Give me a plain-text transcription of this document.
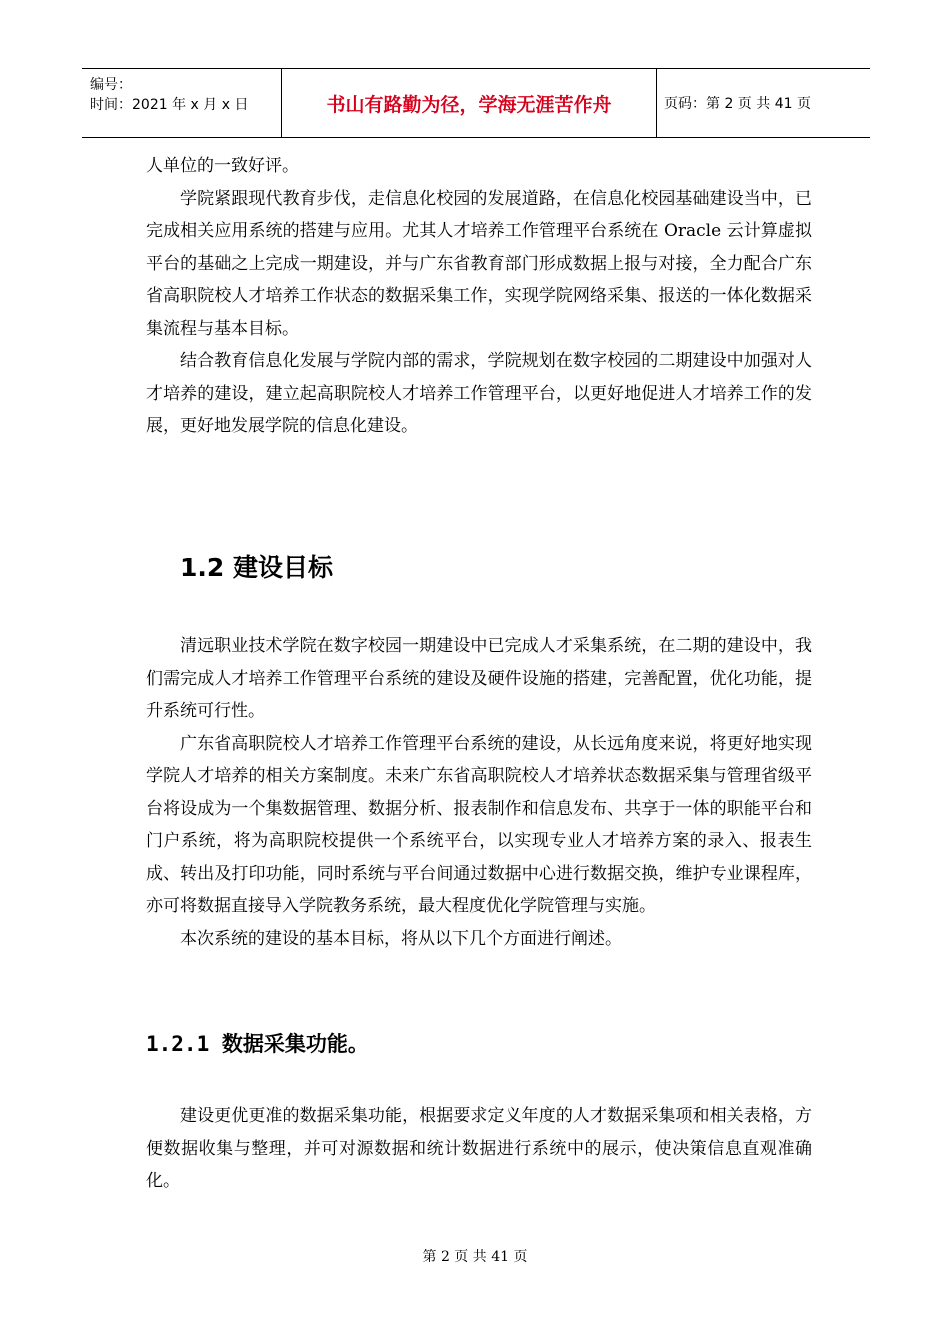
编号：
时间：2021 年 x 月 x 日	书山有路勤为径，学海无涯苦作舟	页码：第 2 页 共 41 页

人单位的一致好评。

学院紧跟现代教育步伐，走信息化校园的发展道路，在信息化校园基础建设当中，已完成相关应用系统的搭建与应用。尤其人才培养工作管理平台系统在 Oracle 云计算虚拟平台的基础之上完成一期建设，并与广东省教育部门形成数据上报与对接，全力配合广东省高职院校人才培养工作状态的数据采集工作，实现学院网络采集、报送的一体化数据采集流程与基本目标。

结合教育信息化发展与学院内部的需求，学院规划在数字校园的二期建设中加强对人才培养的建设，建立起高职院校人才培养工作管理平台，以更好地促进人才培养工作的发展，更好地发展学院的信息化建设。

1.2 建设目标

清远职业技术学院在数字校园一期建设中已完成人才采集系统，在二期的建设中，我们需完成人才培养工作管理平台系统的建设及硬件设施的搭建，完善配置，优化功能，提升系统可行性。

广东省高职院校人才培养工作管理平台系统的建设，从长远角度来说，将更好地实现学院人才培养的相关方案制度。未来广东省高职院校人才培养状态数据采集与管理省级平台将设成为一个集数据管理、数据分析、报表制作和信息发布、共享于一体的职能平台和门户系统，将为高职院校提供一个系统平台，以实现专业人才培养方案的录入、报表生成、转出及打印功能，同时系统与平台间通过数据中心进行数据交换，维护专业课程库，亦可将数据直接导入学院教务系统，最大程度优化学院管理与实施。

本次系统的建设的基本目标，将从以下几个方面进行阐述。

1.2.1 数据采集功能。

建设更优更准的数据采集功能，根据要求定义年度的人才数据采集项和相关表格，方便数据收集与整理，并可对源数据和统计数据进行系统中的展示，使决策信息直观准确化。

第 2 页 共 41 页
